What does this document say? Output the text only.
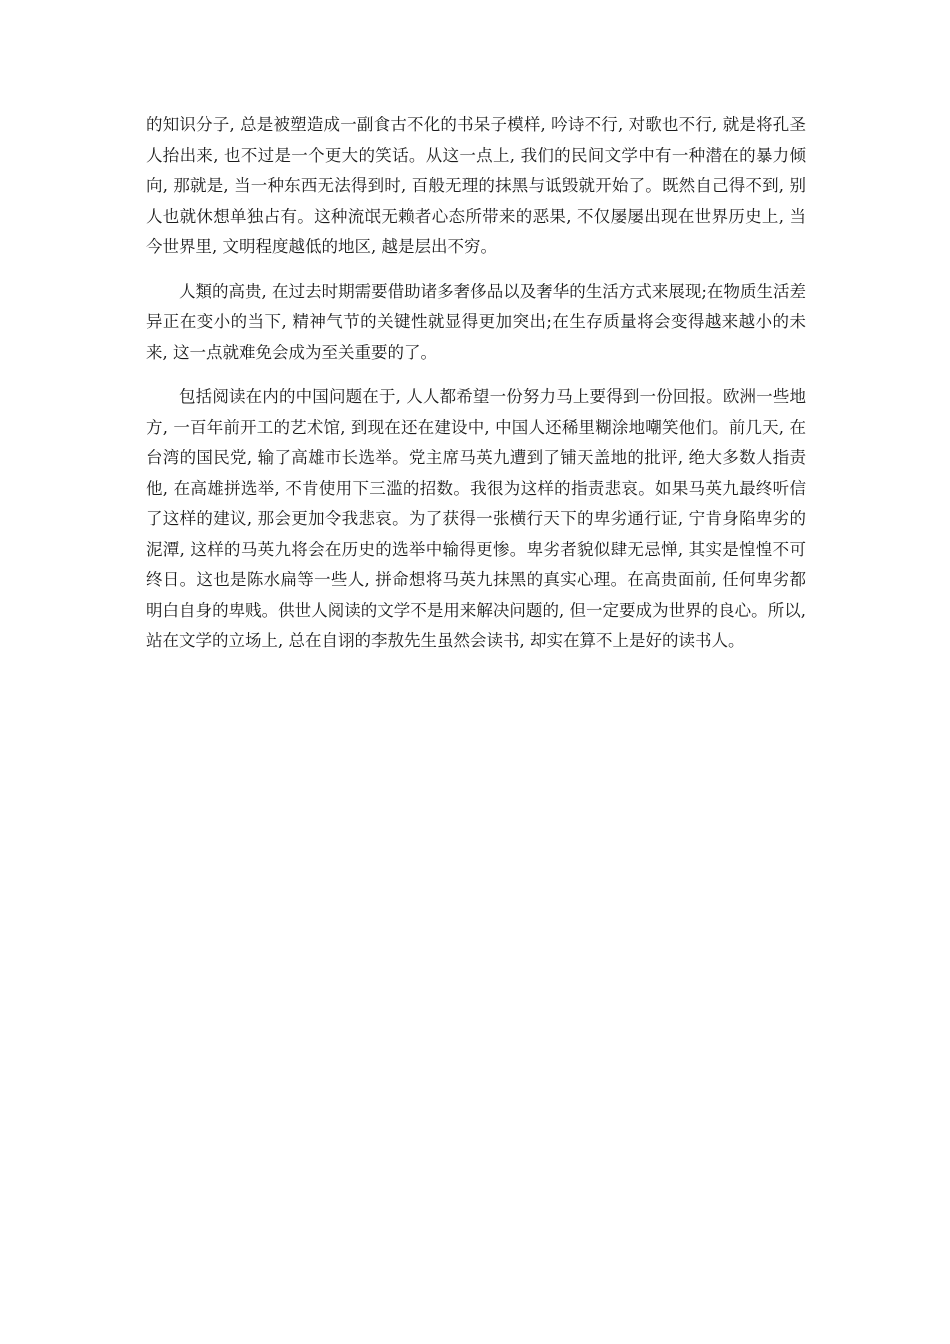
的知识分子, 总是被塑造成一副食古不化的书呆子模样, 吟诗不行, 对歌也不行, 就是将孔圣人抬出来, 也不过是一个更大的笑话。从这一点上, 我们的民间文学中有一种潜在的暴力倾向, 那就是, 当一种东西无法得到时, 百般无理的抹黑与诋毁就开始了。既然自己得不到, 别人也就休想单独占有。这种流氓无赖者心态所带来的恶果, 不仅屡屡出现在世界历史上, 当今世界里, 文明程度越低的地区, 越是层出不穷。

人類的高贵, 在过去时期需要借助诸多奢侈品以及奢华的生活方式来展现;在物质生活差异正在变小的当下, 精神气节的关键性就显得更加突出;在生存质量将会变得越来越小的未来, 这一点就难免会成为至关重要的了。

包括阅读在内的中国问题在于, 人人都希望一份努力马上要得到一份回报。欧洲一些地方, 一百年前开工的艺术馆, 到现在还在建设中, 中国人还稀里糊涂地嘲笑他们。前几天, 在台湾的国民党, 输了高雄市长选举。党主席马英九遭到了铺天盖地的批评, 绝大多数人指责他, 在高雄拼选举, 不肯使用下三滥的招数。我很为这样的指责悲哀。如果马英九最终听信了这样的建议, 那会更加令我悲哀。为了获得一张横行天下的卑劣通行证, 宁肯身陷卑劣的泥潭, 这样的马英九将会在历史的选举中输得更惨。卑劣者貌似肆无忌惮, 其实是惶惶不可终日。这也是陈水扁等一些人, 拼命想将马英九抹黑的真实心理。在高贵面前, 任何卑劣都明白自身的卑贱。供世人阅读的文学不是用来解决问题的, 但一定要成为世界的良心。所以, 站在文学的立场上, 总在自诩的李敖先生虽然会读书, 却实在算不上是好的读书人。
